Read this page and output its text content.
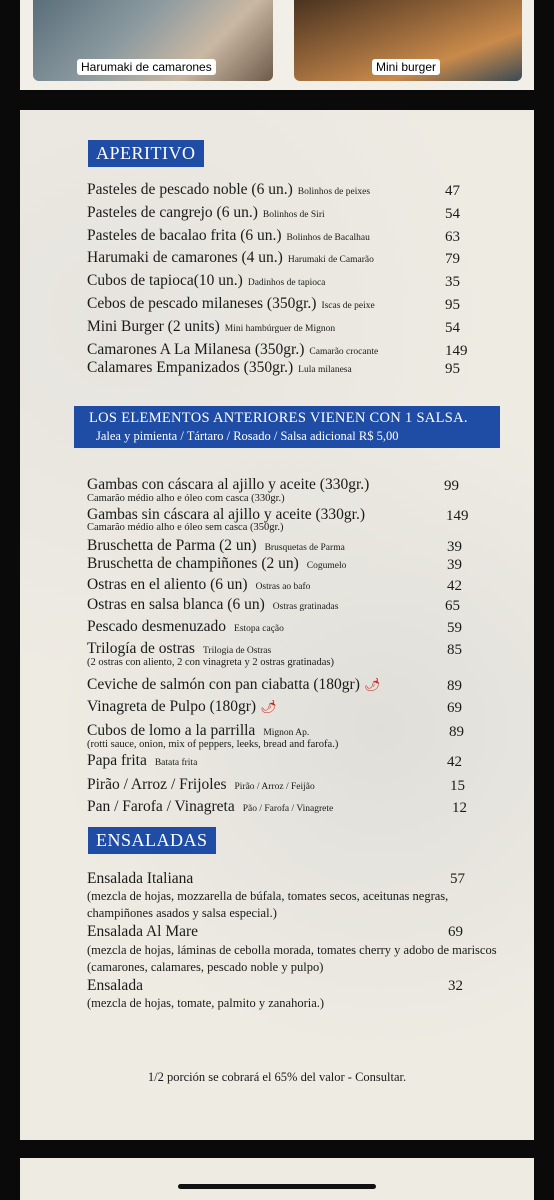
Harumaki de camarones	Mini burger
APERITIVO
Pasteles de pescado noble (6 un.) Bolinhos de peixes	47
Pasteles de cangrejo (6 un.) Bolinhos de Siri	54
Pasteles de bacalao frita (6 un.) Bolinhos de Bacalhau	63
Harumaki de camarones (4 un.) Harumaki de Camarão	79
Cubos de tapioca(10 un.) Dadinhos de tapioca	35
Cebos de pescado milaneses (350gr.) Iscas de peixe	95
Mini Burger (2 units) Mini hambúrguer de Mignon	54
Camarones A La Milanesa (350gr.) Camarão crocante	149
Calamares Empanizados (350gr.) Lula milanesa	95
LOS ELEMENTOS ANTERIORES VIENEN CON 1 SALSA.
Jalea y pimienta / Tártaro / Rosado / Salsa adicional R$ 5,00
Gambas con cáscara al ajillo y aceite (330gr.)	99
Camarão médio alho e óleo com casca (330gr.)
Gambas sin cáscara al ajillo y aceite (330gr.)	149
Camarão médio alho e óleo sem casca (350gr.)
Bruschetta de Parma (2 un) Brusquetas de Parma	39
Bruschetta de champiñones (2 un) Cogumelo	39
Ostras en el aliento (6 un) Ostras ao bafo	42
Ostras en salsa blanca (6 un) Ostras gratinadas	65
Pescado desmenuzado Estopa cação	59
Trilogía de ostras Trilogia de Ostras	85
(2 ostras con aliento, 2 con vinagreta y 2 ostras gratinadas)
Ceviche de salmón con pan ciabatta (180gr) 🌶	89
Vinagreta de Pulpo (180gr) 🌶	69
Cubos de lomo a la parrilla Mignon Ap.	89
(rotti sauce, onion, mix of peppers, leeks, bread and farofa.)
Papa frita Batata frita	42
Pirão / Arroz / Frijoles Pirão / Arroz / Feijão	15
Pan / Farofa / Vinagreta Pão / Farofa / Vinagrete	12
ENSALADAS
Ensalada Italiana	57
(mezcla de hojas, mozzarella de búfala, tomates secos, aceitunas negras, champiñones asados y salsa especial.)
Ensalada Al Mare	69
(mezcla de hojas, láminas de cebolla morada, tomates cherry y adobo de mariscos (camarones, calamares, pescado noble y pulpo)
Ensalada	32
(mezcla de hojas, tomate, palmito y zanahoria.)
1/2 porción se cobrará el 65% del valor - Consultar.
